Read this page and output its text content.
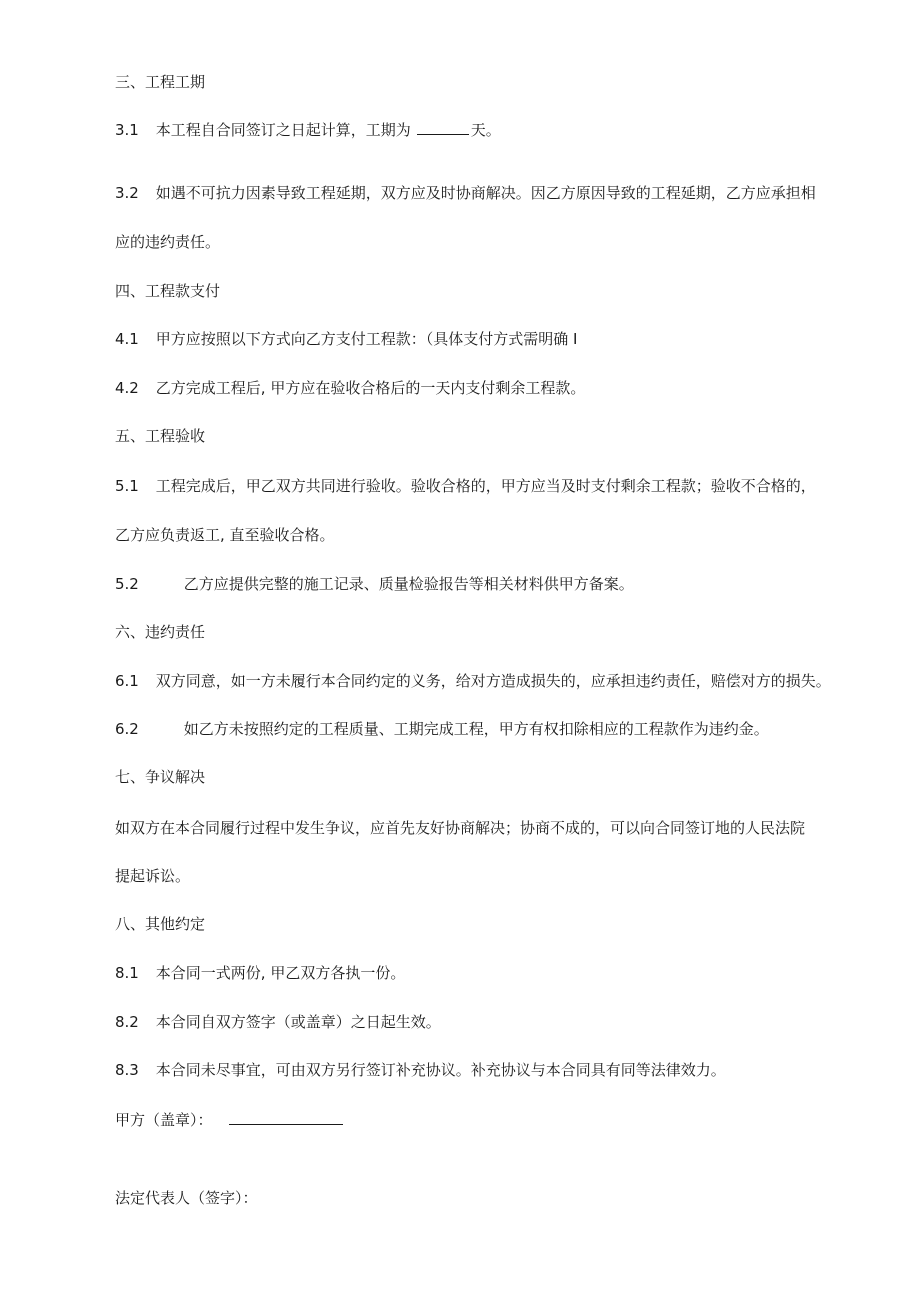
三、工程工期
3.1 本工程自合同签订之日起计算，工期为	天。
3.2 如遇不可抗力因素导致工程延期，双方应及时协商解决。因乙方原因导致的工程延期，乙方应承担相
应的违约责任。
四、工程款支付
4.1 甲方应按照以下方式向乙方支付工程款：（具体支付方式需明确 I
4.2 乙方完成工程后, 甲方应在验收合格后的一天内支付剩余工程款。
五、工程验收
5.1 工程完成后，甲乙双方共同进行验收。验收合格的，甲方应当及时支付剩余工程款；验收不合格的，
乙方应负责返工, 直至验收合格。
5.2	乙方应提供完整的施工记录、质量检验报告等相关材料供甲方备案。
六、违约责任
6.1 双方同意，如一方未履行本合同约定的义务，给对方造成损失的，应承担违约责任，赔偿对方的损失。
6.2	如乙方未按照约定的工程质量、工期完成工程，甲方有权扣除相应的工程款作为违约金。
七、争议解决
如双方在本合同履行过程中发生争议，应首先友好协商解决；协商不成的，可以向合同签订地的人民法院
提起诉讼。
八、其他约定
8.1 本合同一式两份, 甲乙双方各执一份。
8.2 本合同自双方签字（或盖章）之日起生效。
8.3 本合同未尽事宜，可由双方另行签订补充协议。补充协议与本合同具有同等法律效力。
甲方（盖章）：
法定代表人（签字）：
